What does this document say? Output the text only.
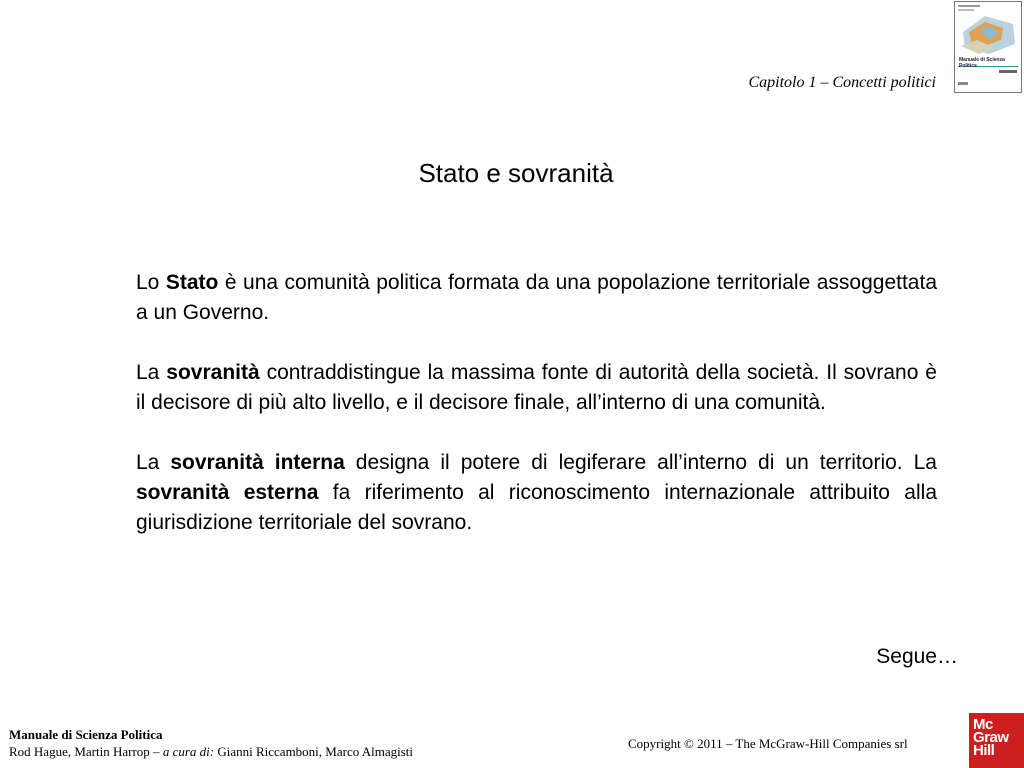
Manuale di Scienza Politica
Capitolo 1 – Concetti politici
Stato e sovranità

Lo Stato è una comunità politica formata da una popolazione territoriale assoggettata a un Governo.

La sovranità contraddistingue la massima fonte di autorità della società. Il sovrano è il decisore di più alto livello, e il decisore finale, all’interno di una comunità.

La sovranità interna designa il potere di legiferare all’interno di un territorio. La sovranità esterna fa riferimento al riconoscimento internazionale attribuito alla giurisdizione territoriale del sovrano.

Segue…
Manuale di Scienza Politica
Rod Hague, Martin Harrop – a cura di: Gianni Riccamboni, Marco Almagisti
Copyright © 2011 – The McGraw-Hill Companies srl
Mc
Graw
Hill
